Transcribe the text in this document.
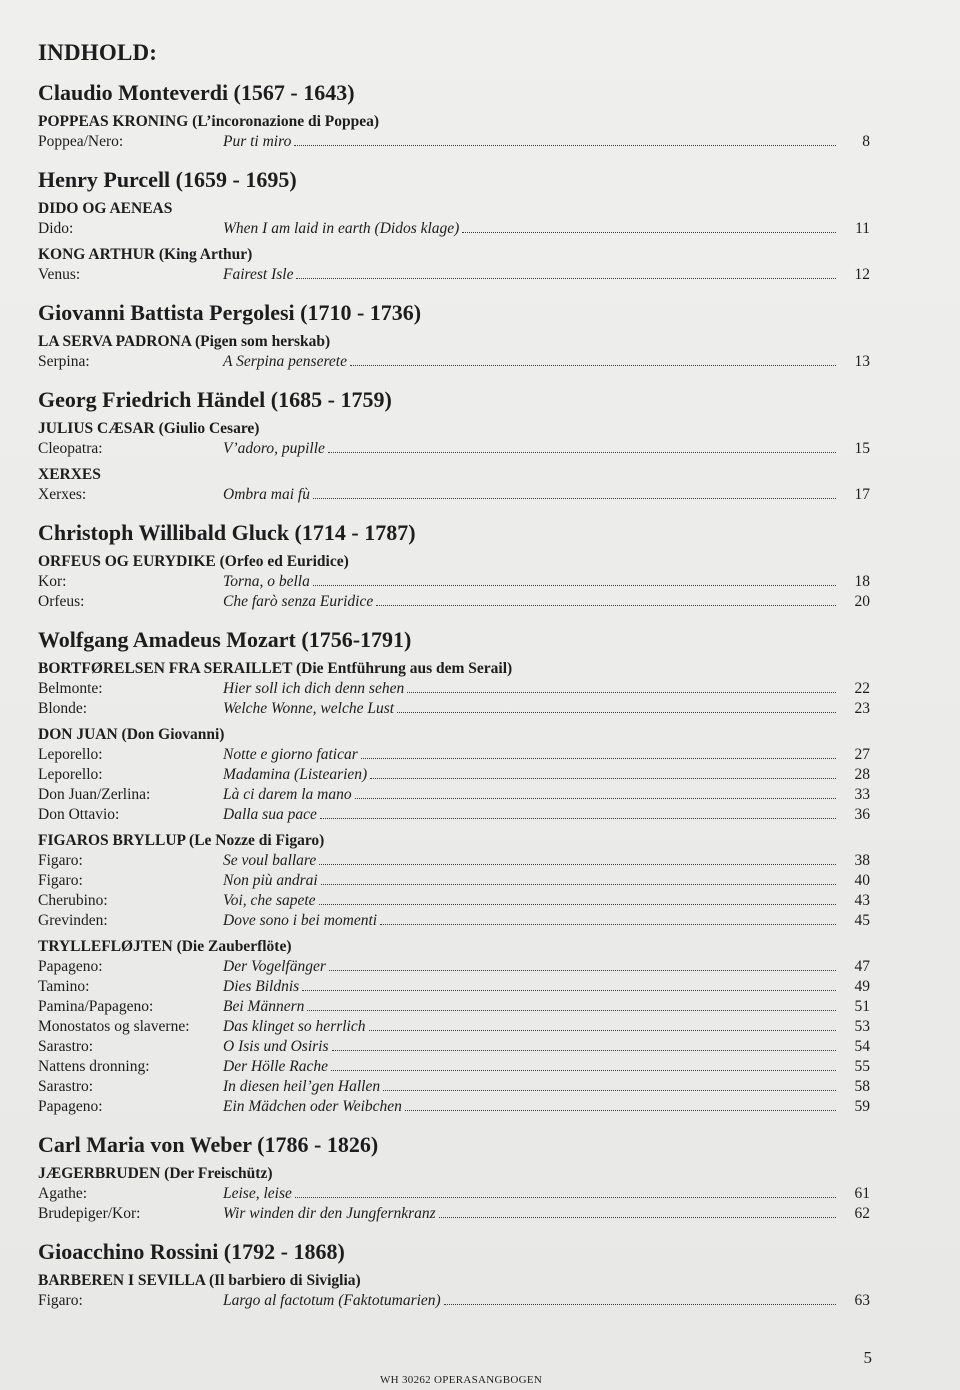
INDHOLD:
Claudio Monteverdi (1567 - 1643)
POPPEAS KRONING (L’incoronazione di Poppea)
Poppea/Nero:	Pur ti miro	8
Henry Purcell (1659 - 1695)
DIDO OG AENEAS
Dido:	When I am laid in earth (Didos klage)	11
KONG ARTHUR (King Arthur)
Venus:	Fairest Isle	12
Giovanni Battista Pergolesi (1710 - 1736)
LA SERVA PADRONA (Pigen som herskab)
Serpina:	A Serpina penserete	13
Georg Friedrich Händel (1685 - 1759)
JULIUS CÆSAR (Giulio Cesare)
Cleopatra:	V’adoro, pupille	15
XERXES
Xerxes:	Ombra mai fù	17
Christoph Willibald Gluck (1714 - 1787)
ORFEUS OG EURYDIKE (Orfeo ed Euridice)
Kor:	Torna, o bella	18
Orfeus:	Che farò senza Euridice	20
Wolfgang Amadeus Mozart (1756-1791)
BORTFØRELSEN FRA SERAILLET (Die Entführung aus dem Serail)
Belmonte:	Hier soll ich dich denn sehen	22
Blonde:	Welche Wonne, welche Lust	23
DON JUAN (Don Giovanni)
Leporello:	Notte e giorno faticar	27
Leporello:	Madamina (Listearien)	28
Don Juan/Zerlina:	Là ci darem la mano	33
Don Ottavio:	Dalla sua pace	36
FIGAROS BRYLLUP (Le Nozze di Figaro)
Figaro:	Se voul ballare	38
Figaro:	Non più andrai	40
Cherubino:	Voi, che sapete	43
Grevinden:	Dove sono i bei momenti	45
TRYLLEFLØJTEN (Die Zauberflöte)
Papageno:	Der Vogelfänger	47
Tamino:	Dies Bildnis	49
Pamina/Papageno:	Bei Männern	51
Monostatos og slaverne:	Das klinget so herrlich	53
Sarastro:	O Isis und Osiris	54
Nattens dronning:	Der Hölle Rache	55
Sarastro:	In diesen heil’gen Hallen	58
Papageno:	Ein Mädchen oder Weibchen	59
Carl Maria von Weber (1786 - 1826)
JÆGERBRUDEN (Der Freischütz)
Agathe:	Leise, leise	61
Brudepiger/Kor:	Wir winden dir den Jungfernkranz	62
Gioacchino Rossini (1792 - 1868)
BARBEREN I SEVILLA (Il barbiero di Siviglia)
Figaro:	Largo al factotum (Faktotumarien)	63
5
WH 30262 OPERASANGBOGEN
